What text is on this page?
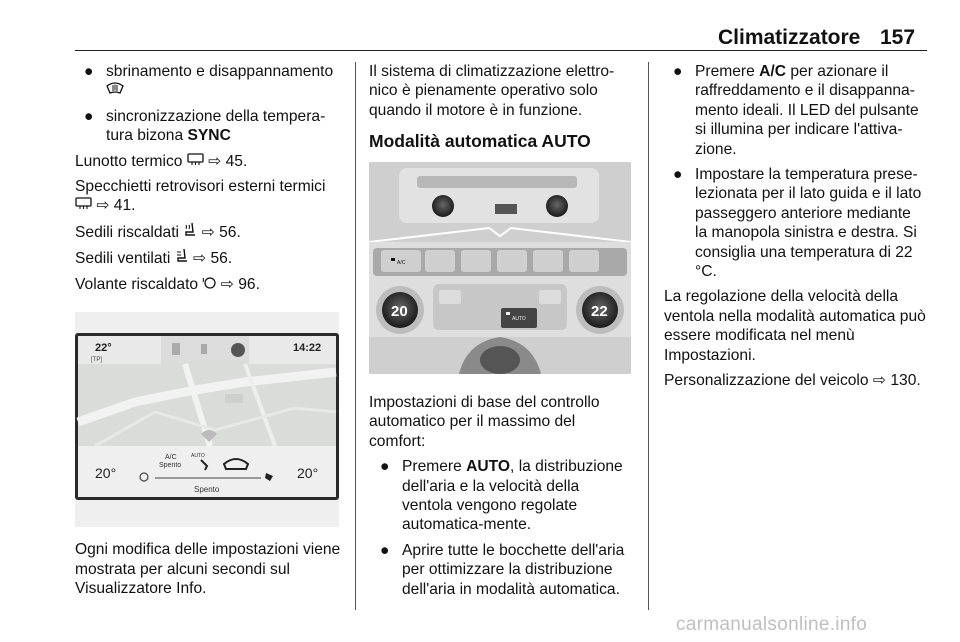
Climatizzatore 157
● sbrinamento e disappannamento

● sincronizzazione della tempera-tura bizona SYNC

Lunotto termico ⇨ 45.

Specchietti retrovisori esterni termici
⇨ 41.

Sedili riscaldati ⇨ 56.

Sedili ventilati ⇨ 56.

Volante riscaldato ⇨ 96.

22°
[TP]
14:22
A/C
Spento
AUTO
20°	20°
Spento

Ogni modifica delle impostazioni viene mostrata per alcuni secondi sul Visualizzatore Info.

Il sistema di climatizzazione elettro-nico è pienamente operativo solo quando il motore è in funzione.

Modalità automatica AUTO
A/C
AUTO
20	22

Impostazioni di base del controllo automatico per il massimo del comfort:

● Premere AUTO, la distribuzione dell'aria e la velocità della ventola vengono regolate automatica-mente.
● Aprire tutte le bocchette dell'aria per ottimizzare la distribuzione dell'aria in modalità automatica.
● Premere A/C per azionare il raffreddamento e il disappanna-mento ideali. Il LED del pulsante si illumina per indicare l'attiva-zione.
● Impostare la temperatura prese-lezionata per il lato guida e il lato passeggero anteriore mediante la manopola sinistra e destra. Si consiglia una temperatura di 22 °C.

La regolazione della velocità della ventola nella modalità automatica può essere modificata nel menù Impostazioni.

Personalizzazione del veicolo ⇨ 130.

carmanualsonline.info
